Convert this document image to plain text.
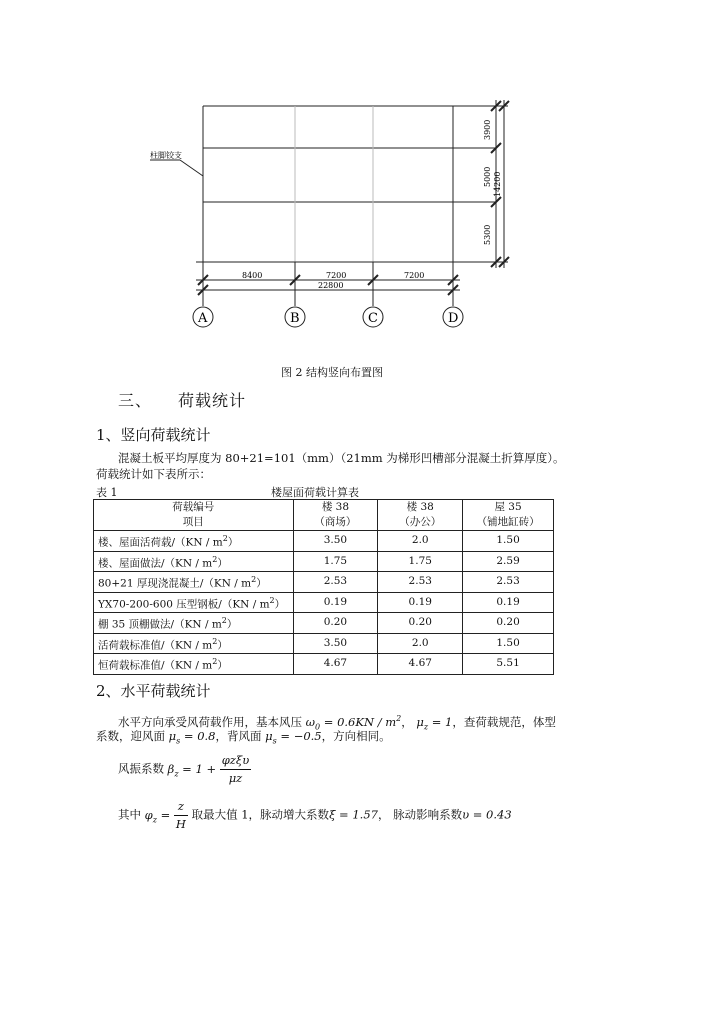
柱脚铰支
3900
5000 14200
5300
8400	7200	7200
22800
A	B	C	D
图 2 结构竖向布置图
三、 荷载统计
1、竖向荷载统计
混凝土板平均厚度为 80+21=101（mm）（21mm 为梯形凹槽部分混凝土折算厚度）。
荷载统计如下表所示：
表 1	楼屋面荷载计算表
荷载编号	楼 38	楼 38	屋 35
项目	（商场）	（办公）	（铺地缸砖）
楼、屋面活荷载$/(KN / m^2)$	3.50	2.0	1.50
楼、屋面做法$/(KN / m^2)$	1.75	1.75	2.59
80+21 厚现浇混凝土$/(KN / m^2)$	2.53	2.53	2.53
YX70-200-600 压型钢板$/(KN / m^2)$	0.19	0.19	0.19
棚 35 顶棚做法$/(KN / m^2)$	0.20	0.20	0.20
活荷载标准值$/(KN / m^2)$	3.50	2.0	1.50
恒荷载标准值$/(KN / m^2)$	4.67	4.67	5.51
2、水平荷载统计
水平方向承受风荷载作用，基本风压 $\omega_0 = 0.6KN / m^2$， $\mu_z = 1$，查荷载规范，体型
系数，迎风面 $\mu_s = 0.8$，背风面 $\mu_s = -0.5$，方向相同。
风振系数 $\beta_z = 1 + \frac{\text{φzξυ}}{\mu z}$
其中 $\varphi_z = \frac{z}{H}$ 取最大值 1，脉动增大系数ξ = 1.57， 脉动影响系数υ = 0.43
